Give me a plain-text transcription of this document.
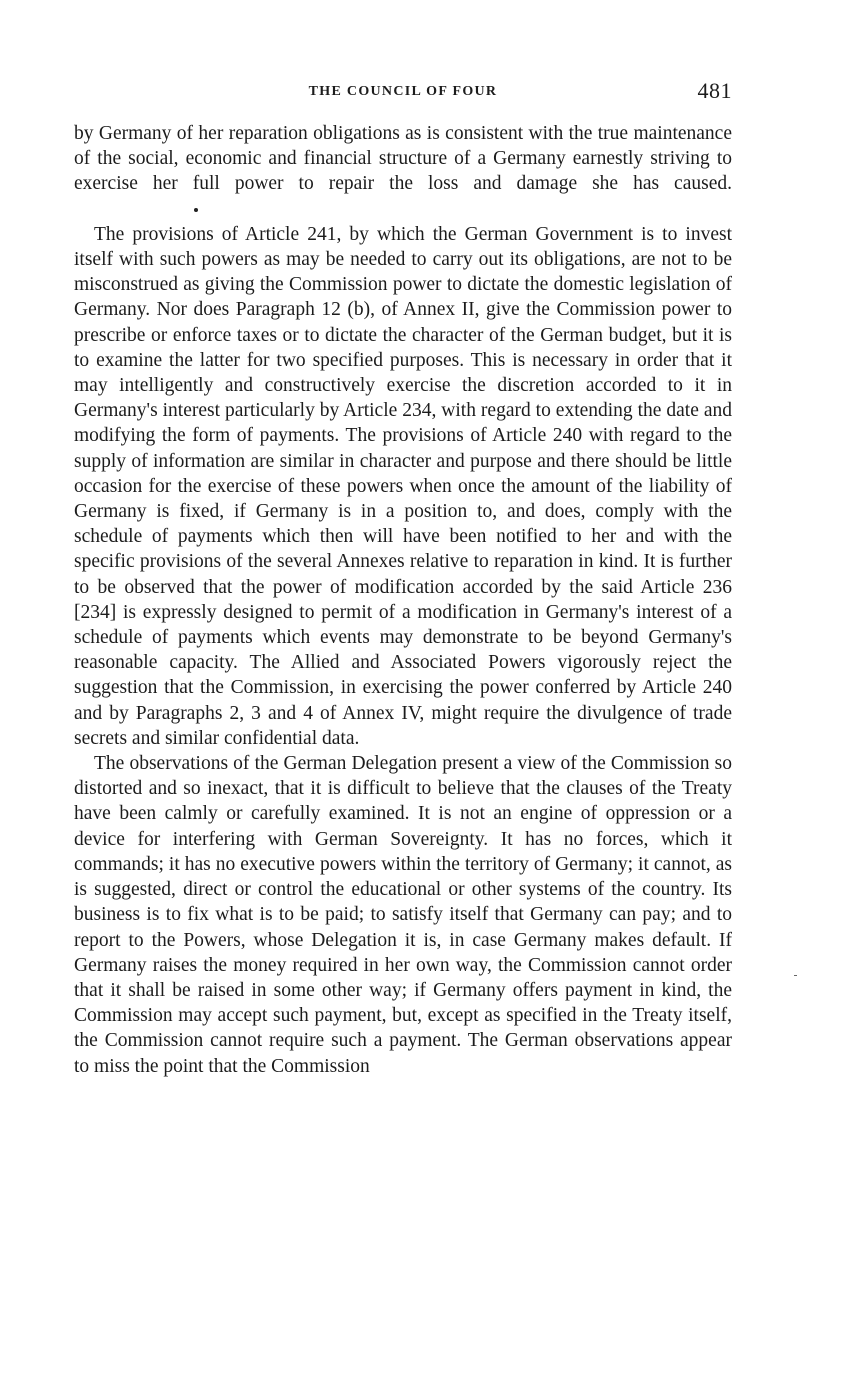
THE COUNCIL OF FOUR	481

by Germany of her reparation obligations as is consistent with the true maintenance of the social, economic and financial structure of a Germany earnestly striving to exercise her full power to repair the loss and damage she has caused.

The provisions of Article 241, by which the German Government is to invest itself with such powers as may be needed to carry out its obligations, are not to be misconstrued as giving the Commission power to dictate the domestic legislation of Germany. Nor does Paragraph 12 (b), of Annex II, give the Commission power to prescribe or enforce taxes or to dictate the character of the German budget, but it is to examine the latter for two specified purposes. This is necessary in order that it may intelligently and constructively exercise the discretion accorded to it in Germany's interest particularly by Article 234, with regard to extending the date and modifying the form of payments. The provisions of Article 240 with regard to the supply of information are similar in character and purpose and there should be little occasion for the exercise of these powers when once the amount of the liability of Germany is fixed, if Germany is in a position to, and does, comply with the schedule of payments which then will have been notified to her and with the specific provisions of the several Annexes relative to reparation in kind. It is further to be observed that the power of modification accorded by the said Article 236 [234] is expressly designed to permit of a modification in Germany's interest of a schedule of payments which events may demonstrate to be beyond Germany's reasonable capacity. The Allied and Associated Powers vigorously reject the suggestion that the Commission, in exercising the power conferred by Article 240 and by Paragraphs 2, 3 and 4 of Annex IV, might require the divulgence of trade secrets and similar confidential data.

The observations of the German Delegation present a view of the Commission so distorted and so inexact, that it is difficult to believe that the clauses of the Treaty have been calmly or carefully examined. It is not an engine of oppression or a device for interfering with German Sovereignty. It has no forces, which it commands; it has no executive powers within the territory of Germany; it cannot, as is suggested, direct or control the educational or other systems of the country. Its business is to fix what is to be paid; to satisfy itself that Germany can pay; and to report to the Powers, whose Delegation it is, in case Germany makes default. If Germany raises the money required in her own way, the Commission cannot order that it shall be raised in some other way; if Germany offers payment in kind, the Commission may accept such payment, but, except as specified in the Treaty itself, the Commission cannot require such a payment. The German observations appear to miss the point that the Commission
